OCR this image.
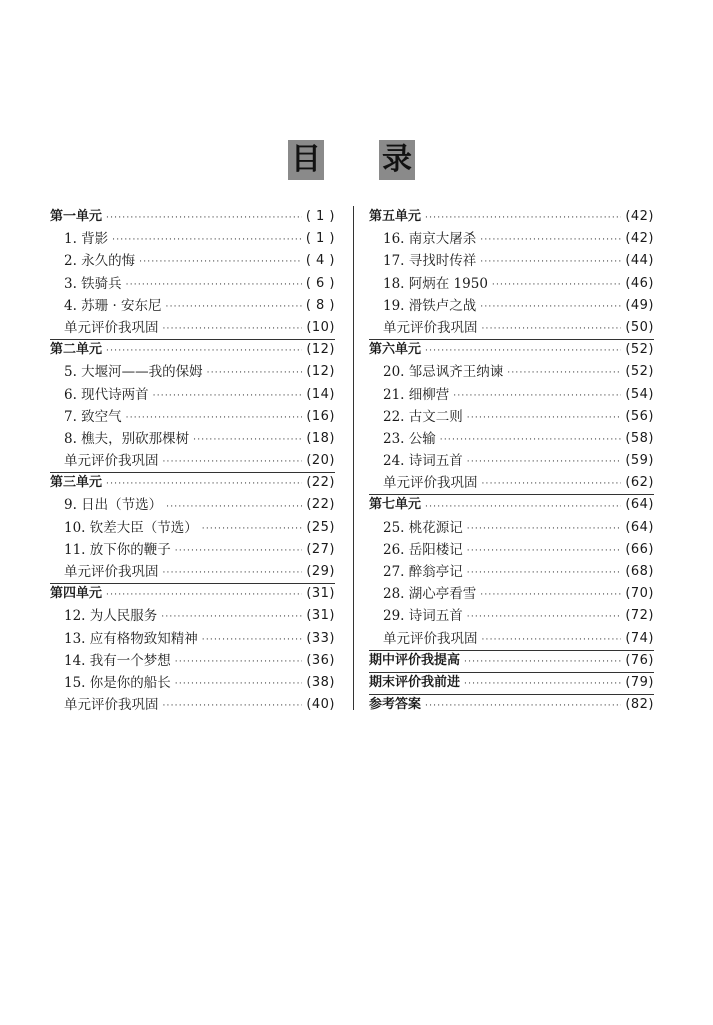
目 录
第一单元 ·····	( 1 )
1. 背影 ·····	( 1 )
2. 永久的悔 ·····	( 4 )
3. 铁骑兵 ·····	( 6 )
4. 苏珊 · 安东尼 ·····	( 8 )
单元评价我巩固 ·····	(10)
第二单元 ·····	(12)
5. 大堰河——我的保姆 ·····	(12)
6. 现代诗两首 ·····	(14)
7. 致空气 ·····	(16)
8. 樵夫，别砍那棵树 ·····	(18)
单元评价我巩固 ·····	(20)
第三单元 ·····	(22)
9. 日出（节选） ·····	(22)
10. 钦差大臣（节选） ·····	(25)
11. 放下你的鞭子 ·····	(27)
单元评价我巩固 ·····	(29)
第四单元 ·····	(31)
12. 为人民服务 ·····	(31)
13. 应有格物致知精神 ·····	(33)
14. 我有一个梦想 ·····	(36)
15. 你是你的船长 ·····	(38)
单元评价我巩固 ·····	(40)
第五单元 ·····	(42)
16. 南京大屠杀 ·····	(42)
17. 寻找时传祥 ·····	(44)
18. 阿炳在 1950 ·····	(46)
19. 滑铁卢之战 ·····	(49)
单元评价我巩固 ·····	(50)
第六单元 ·····	(52)
20. 邹忌讽齐王纳谏 ·····	(52)
21. 细柳营 ·····	(54)
22. 古文二则 ·····	(56)
23. 公输 ·····	(58)
24. 诗词五首 ·····	(59)
单元评价我巩固 ·····	(62)
第七单元 ·····	(64)
25. 桃花源记 ·····	(64)
26. 岳阳楼记 ·····	(66)
27. 醉翁亭记 ·····	(68)
28. 湖心亭看雪 ·····	(70)
29. 诗词五首 ·····	(72)
单元评价我巩固 ·····	(74)
期中评价我提高 ·····	(76)
期末评价我前进 ·····	(79)
参考答案 ·····	(82)
